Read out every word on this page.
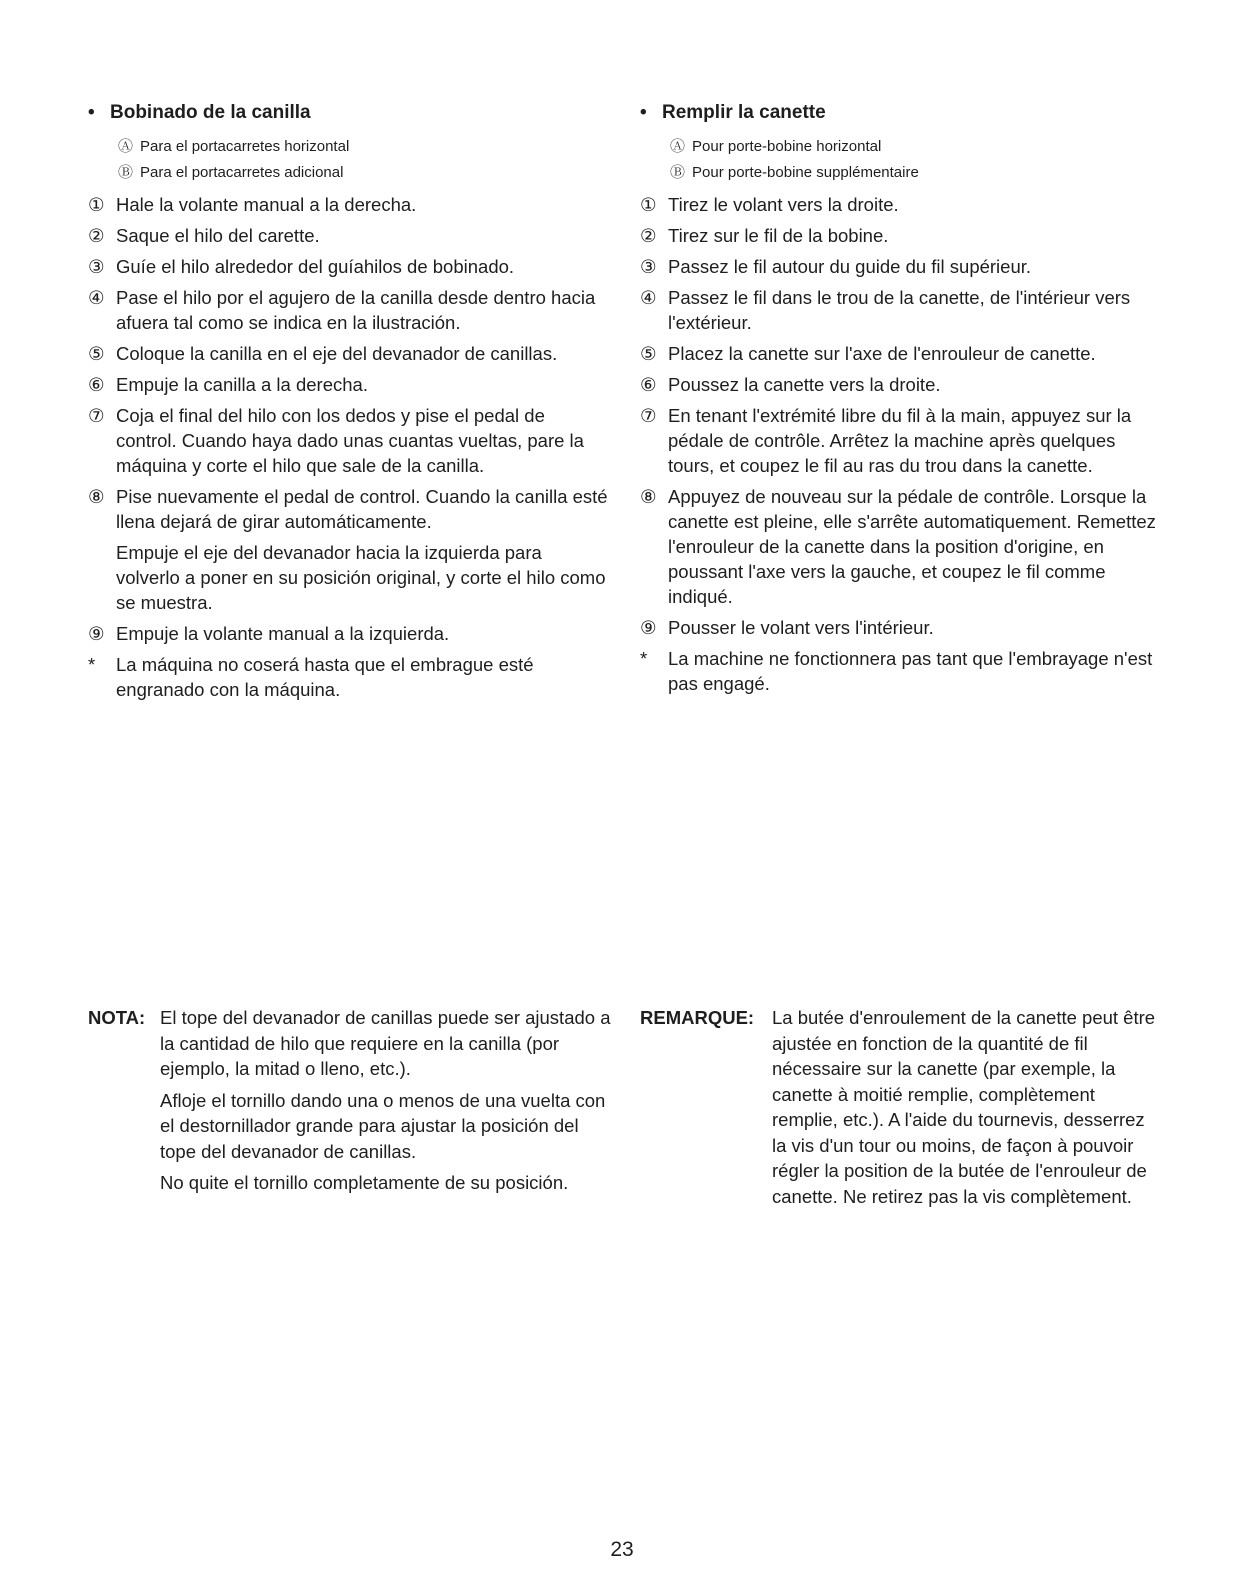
• Bobinado de la canilla
Ⓐ Para el portacarretes horizontal
Ⓑ Para el portacarretes adicional
① Hale la volante manual a la derecha.
② Saque el hilo del carette.
③ Guíe el hilo alrededor del guíahilos de bobinado.
④ Pase el hilo por el agujero de la canilla desde dentro hacia afuera tal como se indica en la ilustración.
⑤ Coloque la canilla en el eje del devanador de canillas.
⑥ Empuje la canilla a la derecha.
⑦ Coja el final del hilo con los dedos y pise el pedal de control. Cuando haya dado unas cuantas vueltas, pare la máquina y corte el hilo que sale de la canilla.
⑧ Pise nuevamente el pedal de control. Cuando la canilla esté llena dejará de girar automáticamente.
Empuje el eje del devanador hacia la izquierda para volverlo a poner en su posición original, y corte el hilo como se muestra.
⑨ Empuje la volante manual a la izquierda.
*	La máquina no coserá hasta que el embrague esté engranado con la máquina.
• Remplir la canette
Ⓐ Pour porte-bobine horizontal
Ⓑ Pour porte-bobine supplémentaire
① Tirez le volant vers la droite.
② Tirez sur le fil de la bobine.
③ Passez le fil autour du guide du fil supérieur.
④ Passez le fil dans le trou de la canette, de l'intérieur vers l'extérieur.
⑤ Placez la canette sur l'axe de l'enrouleur de canette.
⑥ Poussez la canette vers la droite.
⑦ En tenant l'extrémité libre du fil à la main, appuyez sur la pédale de contrôle. Arrêtez la machine après quelques tours, et coupez le fil au ras du trou dans la canette.
⑧ Appuyez de nouveau sur la pédale de contrôle. Lorsque la canette est pleine, elle s'arrête automatiquement. Remettez l'enrouleur de la canette dans la position d'origine, en poussant l'axe vers la gauche, et coupez le fil comme indiqué.
⑨ Pousser le volant vers l'intérieur.
*	La machine ne fonctionnera pas tant que l'embrayage n'est pas engagé.
NOTA: El tope del devanador de canillas puede ser ajustado a la cantidad de hilo que requiere en la canilla (por ejemplo, la mitad o lleno, etc.).

Afloje el tornillo dando una o menos de una vuelta con el destornillador grande para ajustar la posición del tope del devanador de canillas.

No quite el tornillo completamente de su posición.

REMARQUE: La butée d'enroulement de la canette peut être ajustée en fonction de la quantité de fil nécessaire sur la canette (par exemple, la canette à moitié remplie, complètement remplie, etc.). A l'aide du tournevis, desserrez la vis d'un tour ou moins, de façon à pouvoir régler la position de la butée de l'enrouleur de canette. Ne retirez pas la vis complètement.

23
